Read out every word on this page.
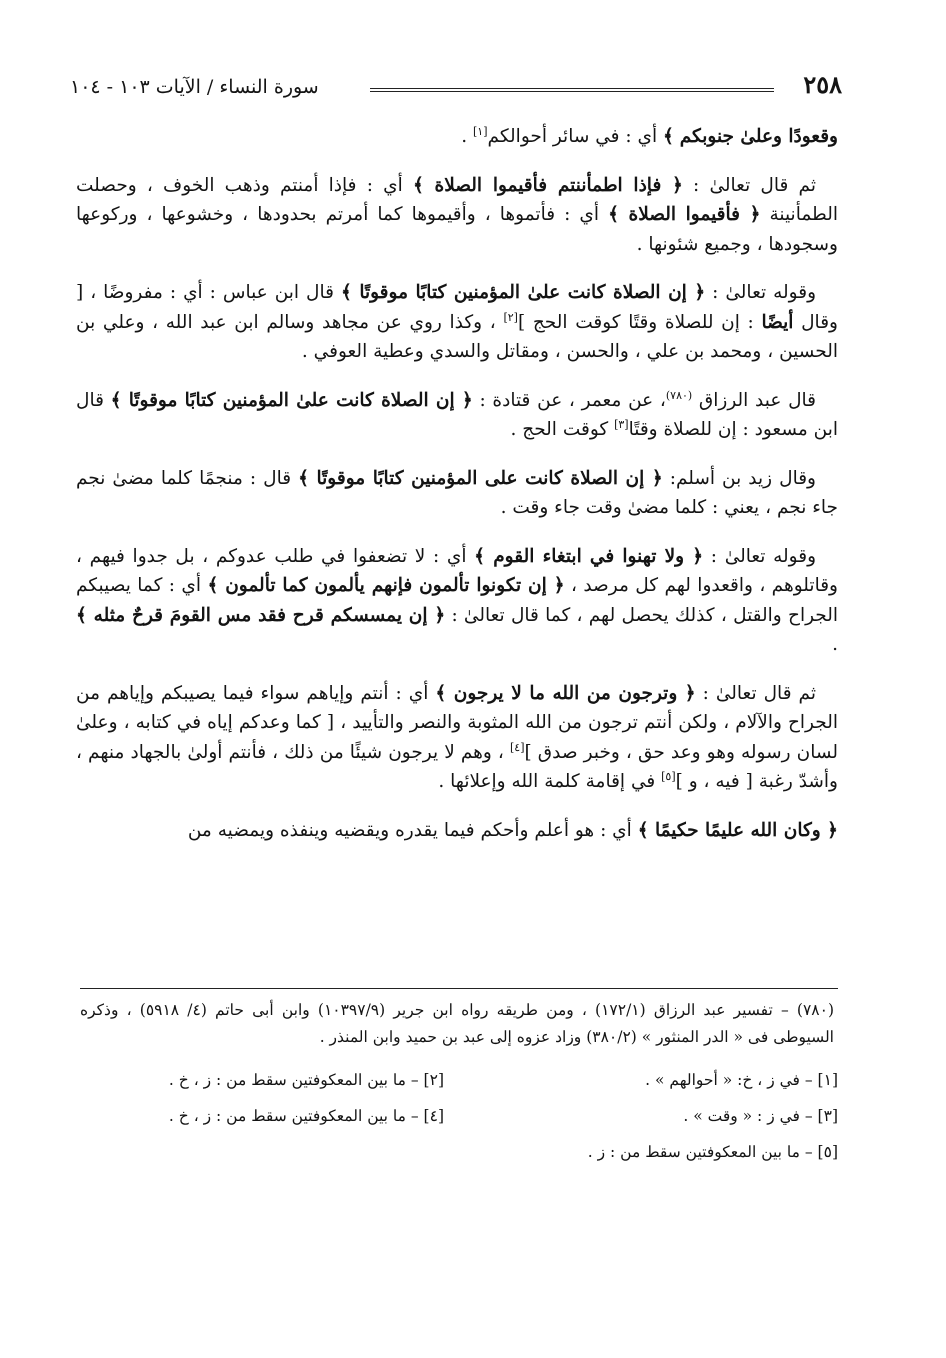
٢٥٨
سورة النساء / الآيات ١٠٣ - ١٠٤

وقعودًا وعلىٰ جنوبكم ﴾ أي : في سائر أحوالكم[١] .

ثم قال تعالىٰ : ﴿ فإذا اطمأننتم فأقيموا الصلاة ﴾ أي : فإذا أمنتم وذهب الخوف ، وحصلت الطمأنينة ﴿ فأقيموا الصلاة ﴾ أي : فأتموها ، وأقيموها كما أمرتم بحدودها ، وخشوعها ، وركوعها وسجودها ، وجميع شئونها .

وقوله تعالىٰ : ﴿ إن الصلاة كانت علىٰ المؤمنين كتابًا موقوتًا ﴾ قال ابن عباس : أي : مفروضًا ، [ وقال أيضًا : إن للصلاة وقتًا كوقت الحج ][٢] ، وكذا روي عن مجاهد وسالم ابن عبد الله ، وعلي بن الحسين ، ومحمد بن علي ، والحسن ، ومقاتل والسدي وعطية العوفي .

قال عبد الرزاق $^{(٧٨٠)}$، عن معمر ، عن قتادة : ﴿ إن الصلاة كانت علىٰ المؤمنين كتابًا موقوتًا ﴾ قال ابن مسعود : إن للصلاة وقتًا[٣] كوقت الحج .

وقال زيد بن أسلم: ﴿ إن الصلاة كانت على المؤمنين كتابًا موقوتًا ﴾ قال : منجمًا كلما مضىٰ نجم جاء نجم ، يعني : كلما مضىٰ وقت جاء وقت .

وقوله تعالىٰ : ﴿ ولا تهنوا في ابتغاء القوم ﴾ أي : لا تضعفوا في طلب عدوكم ، بل جدوا فيهم ، وقاتلوهم ، واقعدوا لهم كل مرصد ، ﴿ إن تكونوا تألمون فإنهم يألمون كما تألمون ﴾ أي : كما يصيبكم الجراح والقتل ، كذلك يحصل لهم ، كما قال تعالىٰ : ﴿ إن يمسسكم قرح فقد مس القومَ قرحٌ مثله ﴾ .

ثم قال تعالىٰ : ﴿ وترجون من الله ما لا يرجون ﴾ أي : أنتم وإياهم سواء فيما يصيبكم وإياهم من الجراح والآلام ، ولكن أنتم ترجون من الله المثوبة والنصر والتأييد ، [ كما وعدكم إياه في كتابه ، وعلىٰ لسان رسوله وهو وعد حق ، وخبر صدق ][٤] ، وهم لا يرجون شيئًا من ذلك ، فأنتم أولىٰ بالجهاد منهم ، وأشدّ رغبة [ فيه ، و ][٥] في إقامة كلمة الله وإعلائها .

﴿ وكان الله عليمًا حكيمًا ﴾ أي : هو أعلم وأحكم فيما يقدره ويقضيه وينفذه ويمضيه من

(٧٨٠) – تفسير عبد الرزاق (١٧٢/١) ، ومن طريقه رواه ابن جرير (١٠٣٩٧/٩) وابن أبى حاتم (٤/ ٥٩١٨) ، وذكره السيوطى فى « الدر المنثور » (٣٨٠/٢) وزاد عزوه إلى عبد بن حميد وابن المنذر .
[١] – في ز ، خ: « أحوالهم » .
[٢] – ما بين المعكوفتين سقط من : ز ، خ .
[٣] – في ز : « وقت » .
[٤] – ما بين المعكوفتين سقط من : ز ، خ .
[٥] – ما بين المعكوفتين سقط من : ز .
